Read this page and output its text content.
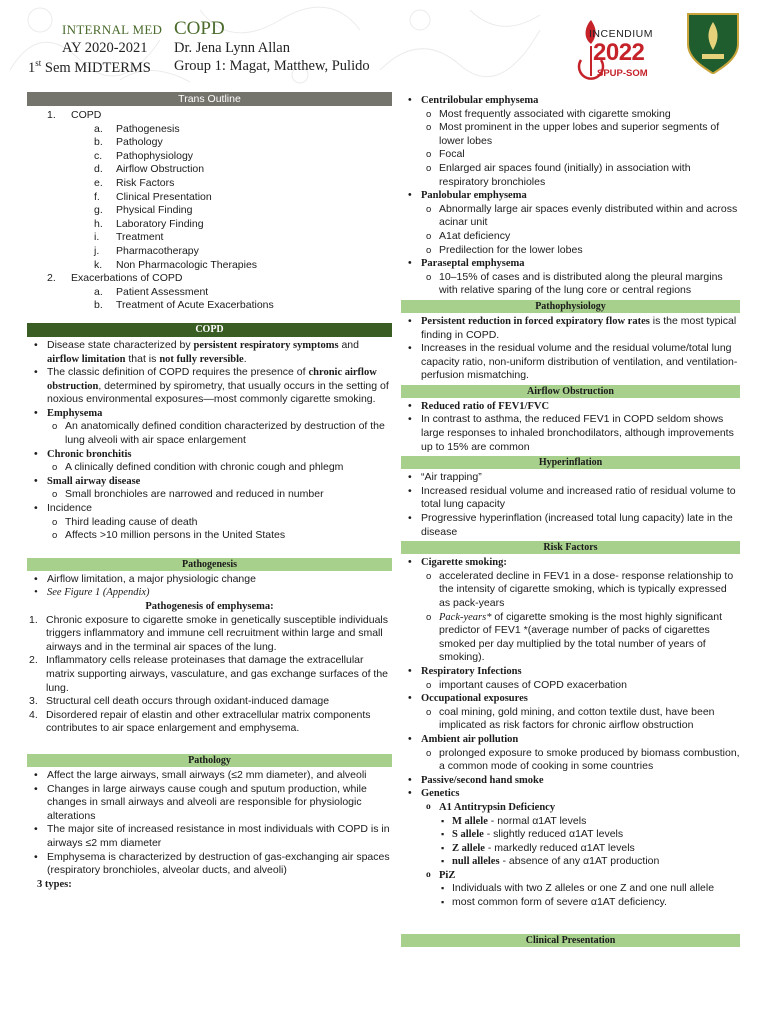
INTERNAL MED COPD
AY 2020-2021 Dr. Jena Lynn Allan
1st Sem MIDTERMS Group 1: Magat, Matthew, Pulido
INCENDIUM
2022
SPUP-SOM
Trans Outline
1. COPD
a. Pathogenesis
b. Pathology
c. Pathophysiology
d. Airflow Obstruction
e. Risk Factors
f. Clinical Presentation
g. Physical Finding
h. Laboratory Finding
i. Treatment
j. Pharmacotherapy
k. Non Pharmacologic Therapies
2. Exacerbations of COPD
a. Patient Assessment
b. Treatment of Acute Exacerbations
COPD
• Disease state characterized by persistent respiratory symptoms and airflow limitation that is not fully reversible.
• The classic definition of COPD requires the presence of chronic airflow obstruction, determined by spirometry, that usually occurs in the setting of noxious environmental exposures—most commonly cigarette smoking.
• Emphysema
o An anatomically defined condition characterized by destruction of the lung alveoli with air space enlargement
• Chronic bronchitis
o A clinically defined condition with chronic cough and phlegm
• Small airway disease
o Small bronchioles are narrowed and reduced in number
• Incidence
o Third leading cause of death
o Affects >10 million persons in the United States
Pathogenesis
• Airflow limitation, a major physiologic change
• See Figure 1 (Appendix)
Pathogenesis of emphysema:
1. Chronic exposure to cigarette smoke in genetically susceptible individuals triggers inflammatory and immune cell recruitment within large and small airways and in the terminal air spaces of the lung.
2. Inflammatory cells release proteinases that damage the extracellular matrix supporting airways, vasculature, and gas exchange surfaces of the lung.
3. Structural cell death occurs through oxidant-induced damage
4. Disordered repair of elastin and other extracellular matrix components contributes to air space enlargement and emphysema.
Pathology
• Affect the large airways, small airways (≤2 mm diameter), and alveoli
• Changes in large airways cause cough and sputum production, while changes in small airways and alveoli are responsible for physiologic alterations
• The major site of increased resistance in most individuals with COPD is in airways ≤2 mm diameter
• Emphysema is characterized by destruction of gas-exchanging air spaces (respiratory bronchioles, alveolar ducts, and alveoli)
3 types:
• Centrilobular emphysema
o Most frequently associated with cigarette smoking
o Most prominent in the upper lobes and superior segments of lower lobes
o Focal
o Enlarged air spaces found (initially) in association with respiratory bronchioles
• Panlobular emphysema
o Abnormally large air spaces evenly distributed within and across acinar unit
o A1at deficiency
o Predilection for the lower lobes
• Paraseptal emphysema
o 10–15% of cases and is distributed along the pleural margins with relative sparing of the lung core or central regions
Pathophysiology
• Persistent reduction in forced expiratory flow rates is the most typical finding in COPD.
• Increases in the residual volume and the residual volume/total lung capacity ratio, non-uniform distribution of ventilation, and ventilation-perfusion mismatching.
Airflow Obstruction
• Reduced ratio of FEV1/FVC
• In contrast to asthma, the reduced FEV1 in COPD seldom shows large responses to inhaled bronchodilators, although improvements up to 15% are common
Hyperinflation
• “Air trapping”
• Increased residual volume and increased ratio of residual volume to total lung capacity
• Progressive hyperinflation (increased total lung capacity) late in the disease
Risk Factors
• Cigarette smoking:
o accelerated decline in FEV1 in a dose- response relationship to the intensity of cigarette smoking, which is typically expressed as pack-years
o Pack-years* of cigarette smoking is the most highly significant predictor of FEV1 *(average number of packs of cigarettes smoked per day multiplied by the total number of years of smoking).
• Respiratory Infections
o important causes of COPD exacerbation
• Occupational exposures
o coal mining, gold mining, and cotton textile dust, have been implicated as risk factors for chronic airflow obstruction
• Ambient air pollution
o prolonged exposure to smoke produced by biomass combustion, a common mode of cooking in some countries
• Passive/second hand smoke
• Genetics
o A1 Antitrypsin Deficiency
▪ M allele - normal α1AT levels
▪ S allele - slightly reduced α1AT levels
▪ Z allele - markedly reduced α1AT levels
▪ null alleles - absence of any α1AT production
o PiZ
▪ Individuals with two Z alleles or one Z and one null allele
▪ most common form of severe α1AT deficiency.
Clinical Presentation
